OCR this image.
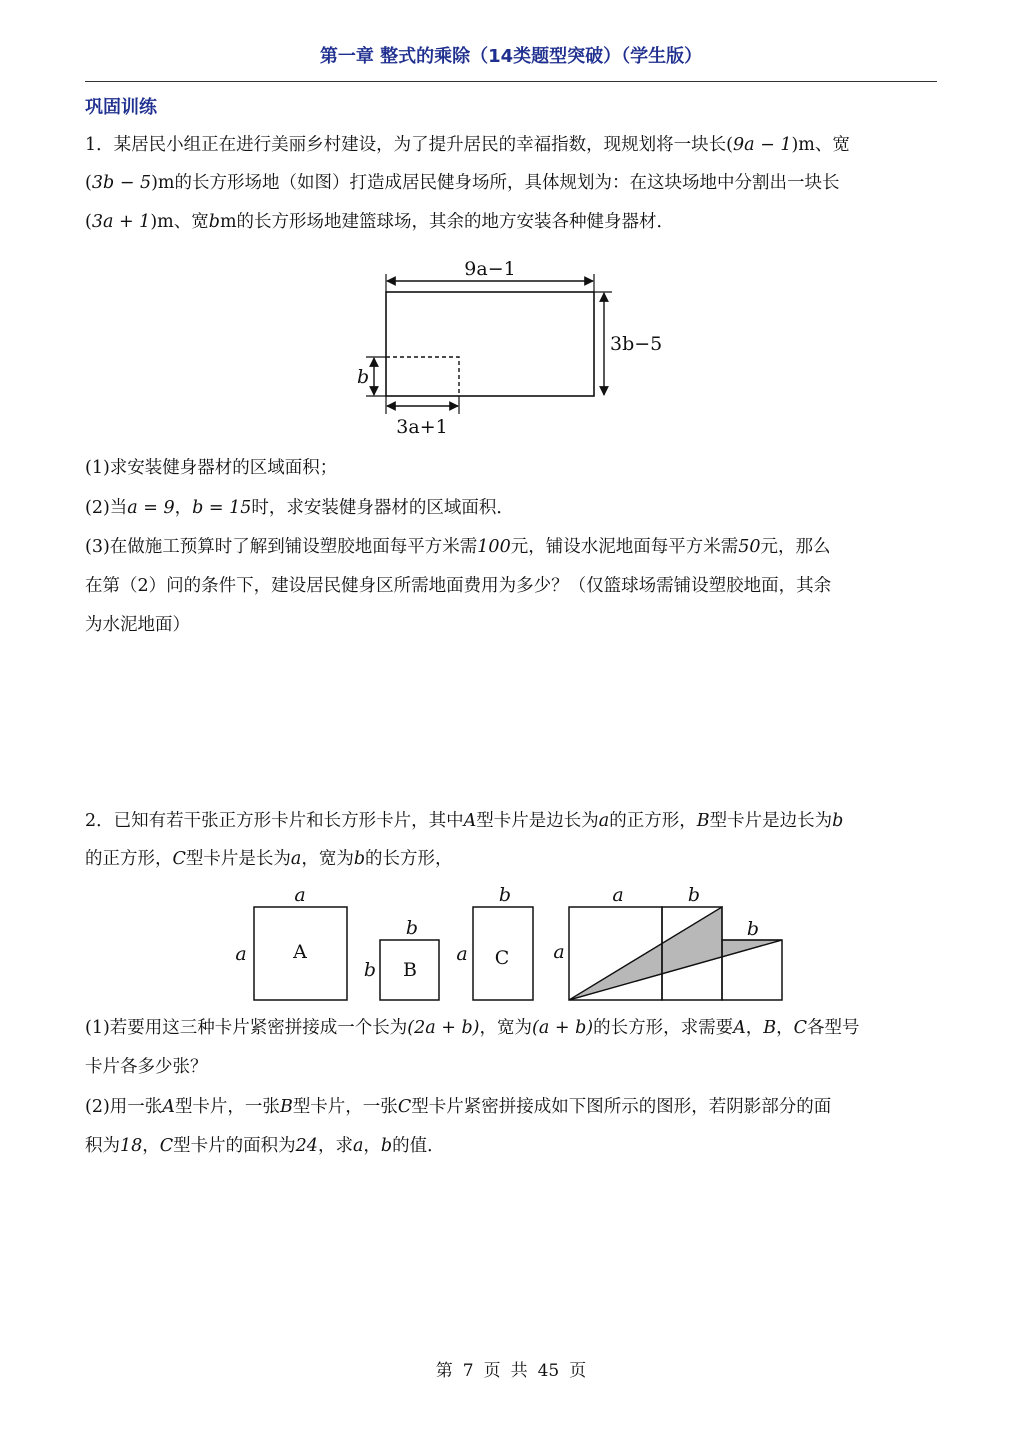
第一章 整式的乘除（14类题型突破）（学生版）
巩固训练
1．某居民小组正在进行美丽乡村建设，为了提升居民的幸福指数，现规划将一块长(9a − 1)m、宽
(3b − 5)m的长方形场地（如图）打造成居民健身场所，具体规划为：在这块场地中分割出一块长
(3a + 1)m、宽bm的长方形场地建篮球场，其余的地方安装各种健身器材．
9a−1
3b−5
b
3a+1
(1)求安装健身器材的区域面积；
(2)当a = 9，b = 15时，求安装健身器材的区域面积．
(3)在做施工预算时了解到铺设塑胶地面每平方米需100元，铺设水泥地面每平方米需50元，那么
在第（2）问的条件下，建设居民健身区所需地面费用为多少？（仅篮球场需铺设塑胶地面，其余
为水泥地面）
2．已知有若干张正方形卡片和长方形卡片，其中A型卡片是边长为a的正方形，B型卡片是边长为b
的正方形，C型卡片是长为a，宽为b的长方形，
a
a A
b
b B
b
a C
a	b
a
b
(1)若要用这三种卡片紧密拼接成一个长为(2a + b)，宽为(a + b)的长方形，求需要A，B，C各型号
卡片各多少张？
(2)用一张A型卡片，一张B型卡片，一张C型卡片紧密拼接成如下图所示的图形，若阴影部分的面
积为18，C型卡片的面积为24，求a，b的值．
第 7 页 共 45 页
